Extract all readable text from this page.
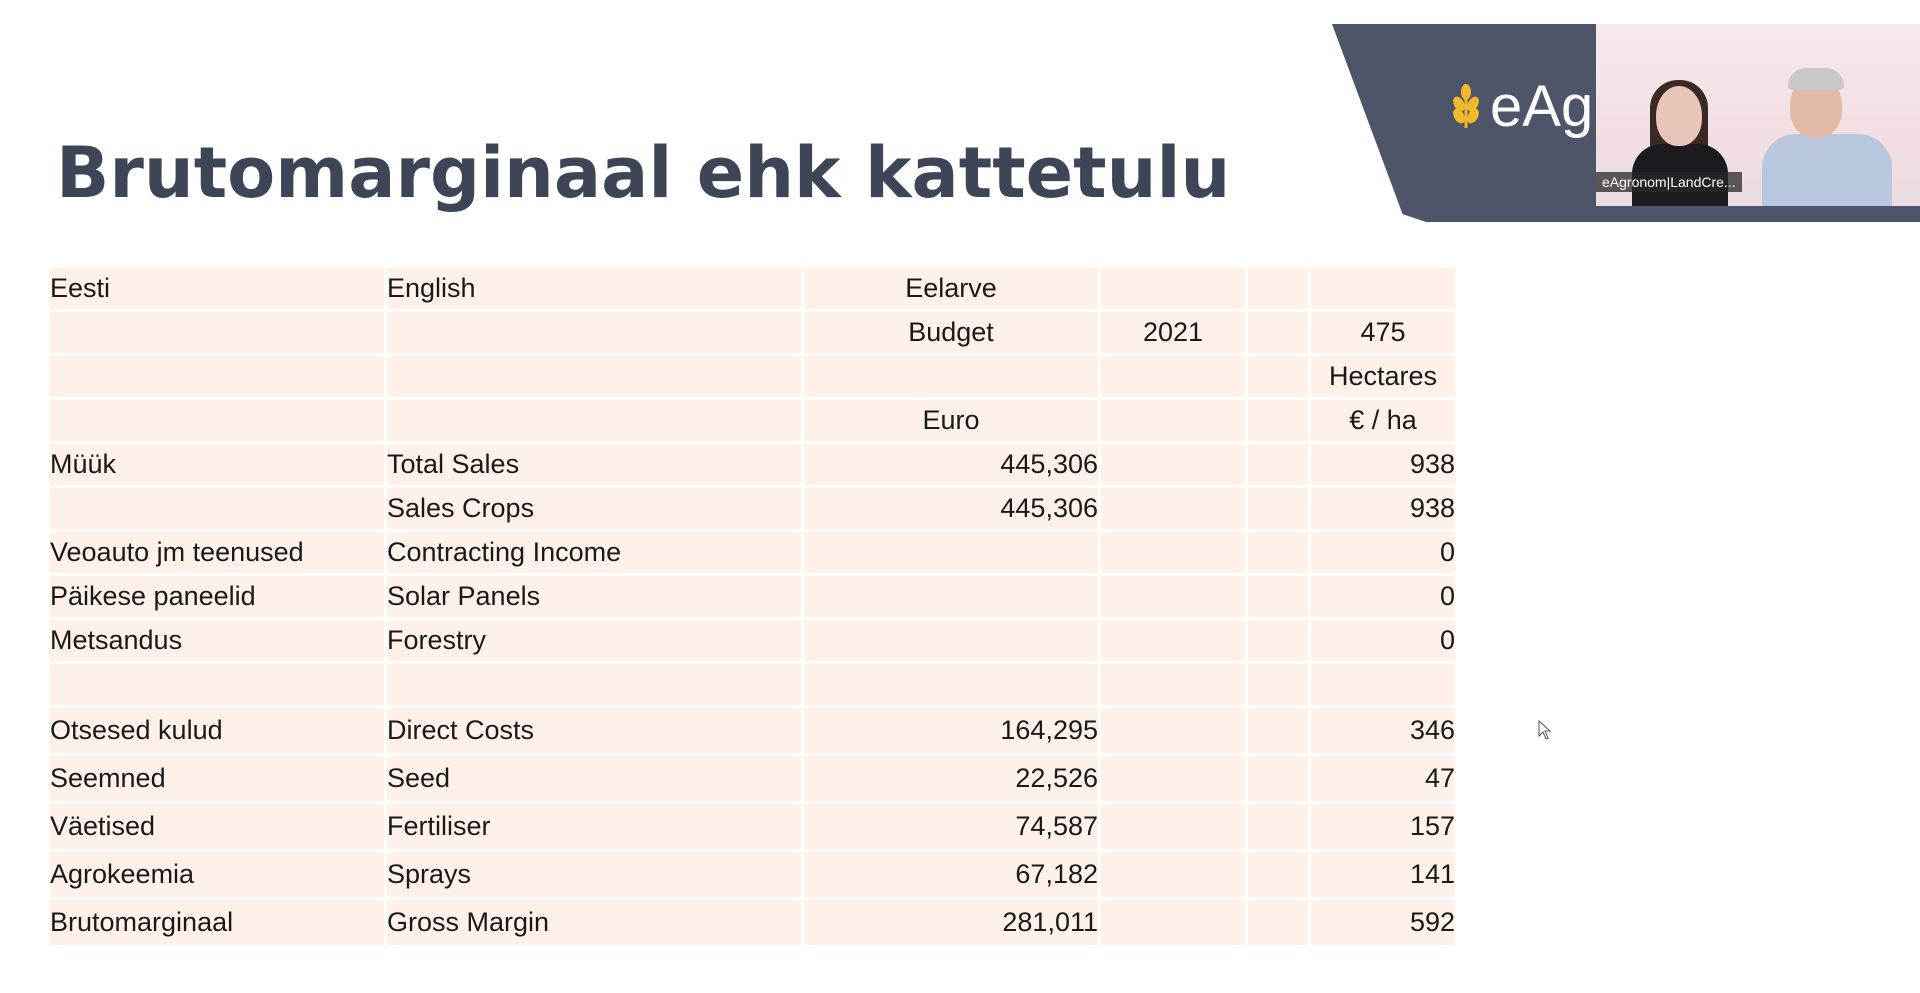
eAg
eAgronom|LandCre...
Brutomarginaal ehk kattetulu
Eesti	English	Eelarve			
		Budget	2021		475
					Hectares
		Euro			€ / ha
Müük	Total Sales	445,306			938
	Sales Crops	445,306			938
Veoauto jm teenused	Contracting Income				0
Päikese paneelid	Solar Panels				0
Metsandus	Forestry				0

Otsesed kulud	Direct Costs	164,295			346
Seemned	Seed	22,526			47
Väetised	Fertiliser	74,587			157
Agrokeemia	Sprays	67,182			141
Brutomarginaal	Gross Margin	281,011			592
